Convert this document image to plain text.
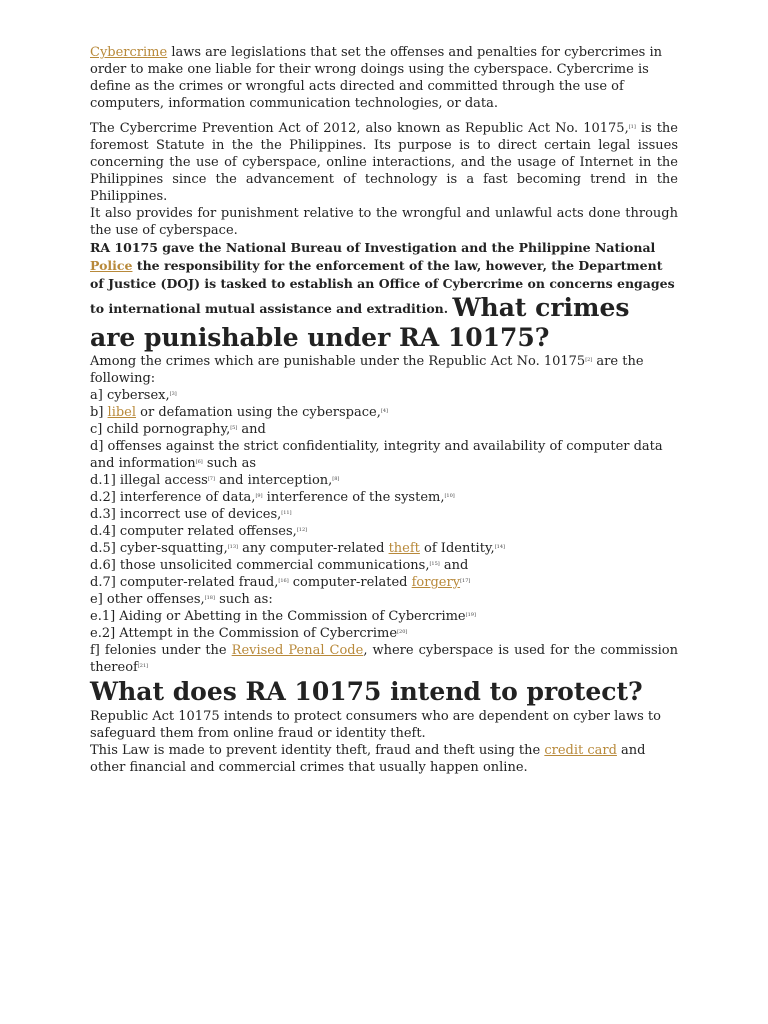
Cybercrime laws are legislations that set the offenses and penalties for cybercrimes in order to make one liable for their wrong doings using the cyberspace. Cybercrime is define as the crimes or wrongful acts directed and committed through the use of computers, information communication technologies, or data.

The Cybercrime Prevention Act of 2012, also known as Republic Act No. 10175,[1] is the foremost Statute in the the Philippines. Its purpose is to direct certain legal issues concerning the use of cyberspace, online interactions, and the usage of Internet in the Philippines since the advancement of technology is a fast becoming trend in the Philippines.

It also provides for punishment relative to the wrongful and unlawful acts done through the use of cyberspace.

RA 10175 gave the National Bureau of Investigation and the Philippine National Police the responsibility for the enforcement of the law, however, the Department of Justice (DOJ) is tasked to establish an Office of Cybercrime on concerns engages to international mutual assistance and extradition. What crimes are punishable under RA 10175?

Among the crimes which are punishable under the Republic Act No. 10175[2] are the following:

a] cybersex,[3]

b] libel or defamation using the cyberspace,[4]

c] child pornography,[5] and

d] offenses against the strict confidentiality, integrity and availability of computer data and information[6] such as

d.1] illegal access[7] and interception,[8]

d.2] interference of data,[9] interference of the system,[10]

d.3] incorrect use of devices,[11]

d.4] computer related offenses,[12]

d.5] cyber-squatting,[13] any computer-related theft of Identity,[14]

d.6] those unsolicited commercial communications,[15] and

d.7] computer-related fraud,[16] computer-related forgery[17]

e] other offenses,[18] such as:

e.1] Aiding or Abetting in the Commission of Cybercrime[19]

e.2] Attempt in the Commission of Cybercrime[20]

f] felonies under the Revised Penal Code, where cyberspace is used for the commission thereof[21]

What does RA 10175 intend to protect?

Republic Act 10175 intends to protect consumers who are dependent on cyber laws to safeguard them from online fraud or identity theft.

This Law is made to prevent identity theft, fraud and theft using the credit card and other financial and commercial crimes that usually happen online.
